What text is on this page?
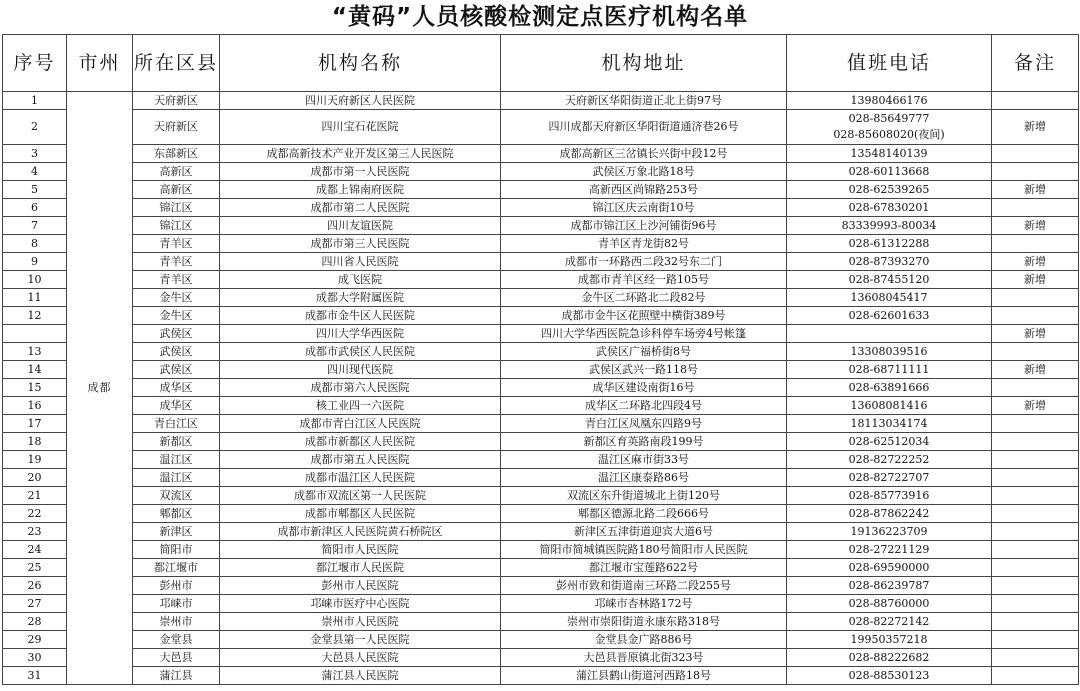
“黄码”人员核酸检测定点医疗机构名单
序号	市州	所在区县	机构名称	机构地址	值班电话	备注
1	成都	天府新区	四川天府新区人民医院	天府新区华阳街道正北上街97号	13980466176	

2		天府新区	四川宝石花医院	四川成都天府新区华阳街道通济巷26号	028-85649777
028-85608020(夜间)	新增
3		东部新区	成都高新技术产业开发区第三人民医院	成都高新区三岔镇长兴街中段12号	13548140139	

4		高新区	成都市第一人民医院	武侯区万象北路18号	028-60113668	

5		高新区	成都上锦南府医院	高新西区尚锦路253号	028-62539265	新增
6		锦江区	成都市第二人民医院	锦江区庆云南街10号	028-67830201	

7		锦江区	四川友谊医院	成都市锦江区上沙河铺街96号	83339993-80034	新增
8		青羊区	成都市第三人民医院	青羊区青龙街82号	028-61312288	

9		青羊区	四川省人民医院	成都市一环路西二段32号东二门	028-87393270	新增
10		青羊区	成飞医院	成都市青羊区经一路105号	028-87455120	新增
11		金牛区	成都大学附属医院	金牛区二环路北二段82号	13608045417	

12		金牛区	成都市金牛区人民医院	成都市金牛区花照壁中横街389号	028-62601633	

		武侯区	四川大学华西医院	四川大学华西医院急诊科停车场旁4号帐篷		新增
13		武侯区	成都市武侯区人民医院	武侯区广福桥街8号	13308039516	

14		武侯区	四川现代医院	武侯区武兴一路118号	028-68711111	新增
15		成华区	成都市第六人民医院	成华区建设南街16号	028-63891666	

16		成华区	核工业四一六医院	成华区二环路北四段4号	13608081416	新增
17		青白江区	成都市青白江区人民医院	青白江区凤凰东四路9号	18113034174	

18		新都区	成都市新都区人民医院	新都区育英路南段199号	028-62512034	

19		温江区	成都市第五人民医院	温江区麻市街33号	028-82722252	

20		温江区	成都市温江区人民医院	温江区康泰路86号	028-82722707	

21		双流区	成都市双流区第一人民医院	双流区东升街道城北上街120号	028-85773916	

22		郫都区	成都市郫都区人民医院	郫都区德源北路二段666号	028-87862242	

23		新津区	成都市新津区人民医院黄石桥院区	新津区五津街道迎宾大道6号	19136223709	

24		简阳市	简阳市人民医院	简阳市简城镇医院路180号简阳市人民医院	028-27221129	

25		都江堰市	都江堰市人民医院	都江堰市宝莲路622号	028-69590000	

26		彭州市	彭州市人民医院	彭州市致和街道南三环路二段255号	028-86239787	

27		邛崃市	邛崃市医疗中心医院	邛崃市杏林路172号	028-88760000	

28		崇州市	崇州市人民医院	崇州市崇阳街道永康东路318号	028-82272142	

29		金堂县	金堂县第一人民医院	金堂县金广路886号	19950357218	

30		大邑县	大邑县人民医院	大邑县晋原镇北街323号	028-88222682	

31		蒲江县	蒲江县人民医院	蒲江县鹤山街道河西路18号	028-88530123	
